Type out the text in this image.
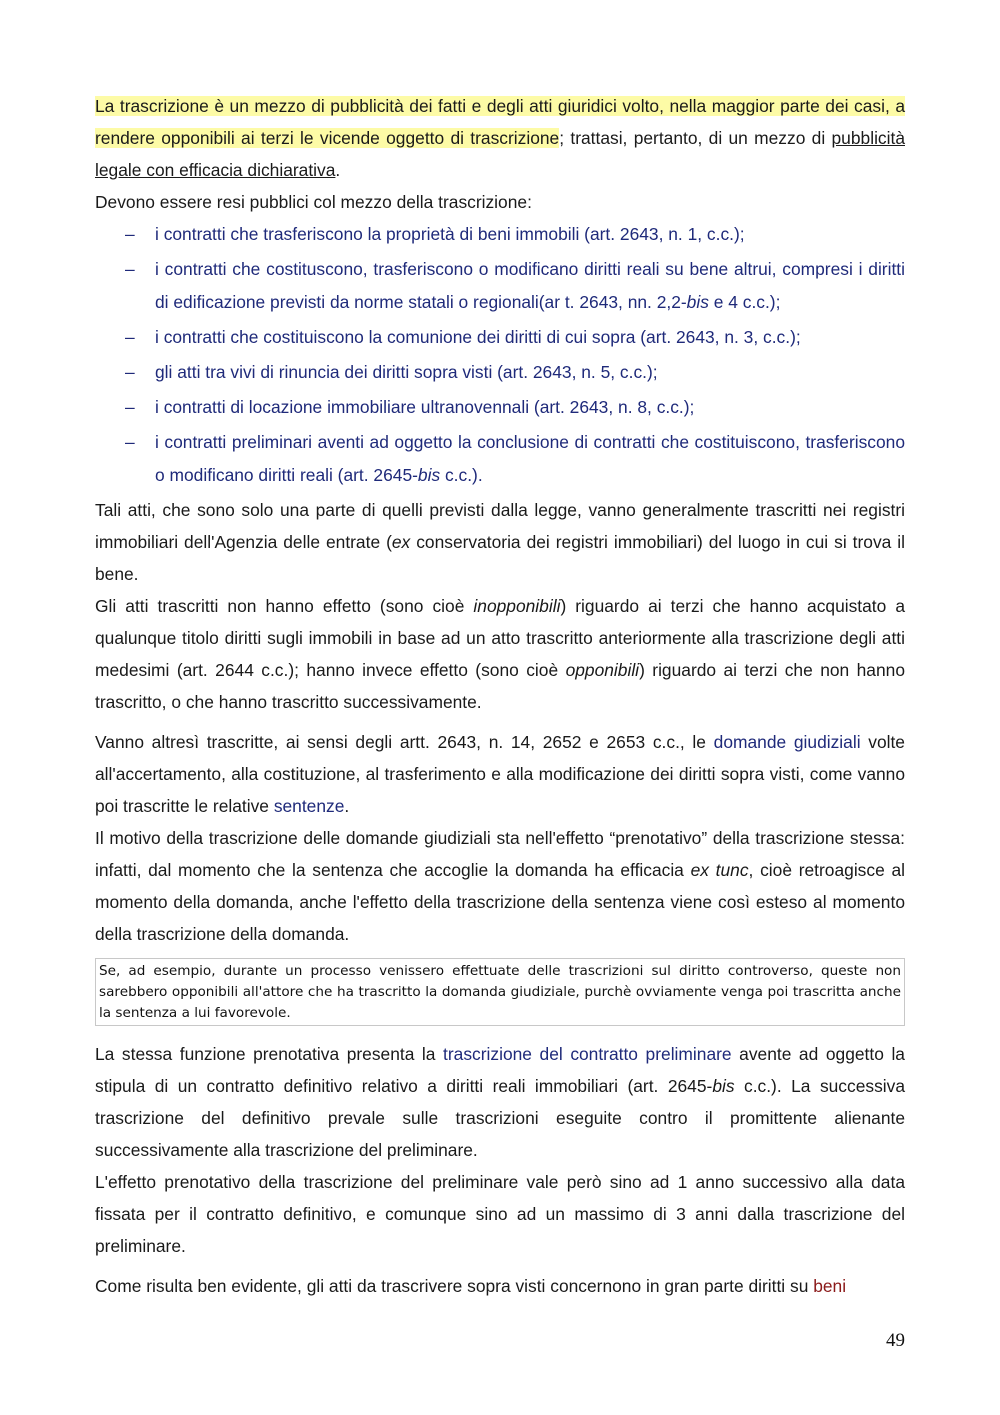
La trascrizione è un mezzo di pubblicità dei fatti e degli atti giuridici volto, nella maggior parte dei casi, a rendere opponibili ai terzi le vicende oggetto di trascrizione; trattasi, pertanto, di un mezzo di pubblicità legale con efficacia dichiarativa.

Devono essere resi pubblici col mezzo della trascrizione:

– i contratti che trasferiscono la proprietà di beni immobili (art. 2643, n. 1, c.c.);
– i contratti che costituscono, trasferiscono o modificano diritti reali su bene altrui, compresi i diritti di edificazione previsti da norme statali o regionali(ar t. 2643, nn. 2,2-bis e 4 c.c.);
– i contratti che costituiscono la comunione dei diritti di cui sopra (art. 2643, n. 3, c.c.);
– gli atti tra vivi di rinuncia dei diritti sopra visti (art. 2643, n. 5, c.c.);
– i contratti di locazione immobiliare ultranovennali (art. 2643, n. 8, c.c.);
– i contratti preliminari aventi ad oggetto la conclusione di contratti che costituiscono, trasferiscono o modificano diritti reali (art. 2645-bis c.c.).

Tali atti, che sono solo una parte di quelli previsti dalla legge, vanno generalmente trascritti nei registri immobiliari dell'Agenzia delle entrate (ex conservatoria dei registri immobiliari) del luogo in cui si trova il bene.

Gli atti trascritti non hanno effetto (sono cioè inopponibili) riguardo ai terzi che hanno acquistato a qualunque titolo diritti sugli immobili in base ad un atto trascritto anteriormente alla trascrizione degli atti medesimi (art. 2644 c.c.); hanno invece effetto (sono cioè opponibili) riguardo ai terzi che non hanno trascritto, o che hanno trascritto successivamente.

Vanno altresì trascritte, ai sensi degli artt. 2643, n. 14, 2652 e 2653 c.c., le domande giudiziali volte all'accertamento, alla costituzione, al trasferimento e alla modificazione dei diritti sopra visti, come vanno poi trascritte le relative sentenze.

Il motivo della trascrizione delle domande giudiziali sta nell'effetto “prenotativo” della trascrizione stessa: infatti, dal momento che la sentenza che accoglie la domanda ha efficacia ex tunc, cioè retroagisce al momento della domanda, anche l'effetto della trascrizione della sentenza viene così esteso al momento della trascrizione della domanda.

Se, ad esempio, durante un processo venissero effettuate delle trascrizioni sul diritto controverso, queste non sarebbero opponibili all'attore che ha trascritto la domanda giudiziale, purchè ovviamente venga poi trascritta anche la sentenza a lui favorevole.

La stessa funzione prenotativa presenta la trascrizione del contratto preliminare avente ad oggetto la stipula di un contratto definitivo relativo a diritti reali immobiliari (art. 2645-bis c.c.). La successiva trascrizione del definitivo prevale sulle trascrizioni eseguite contro il promittente alienante successivamente alla trascrizione del preliminare.

L'effetto prenotativo della trascrizione del preliminare vale però sino ad 1 anno successivo alla data fissata per il contratto definitivo, e comunque sino ad un massimo di 3 anni dalla trascrizione del preliminare.

Come risulta ben evidente, gli atti da trascrivere sopra visti concernono in gran parte diritti su beni

49
